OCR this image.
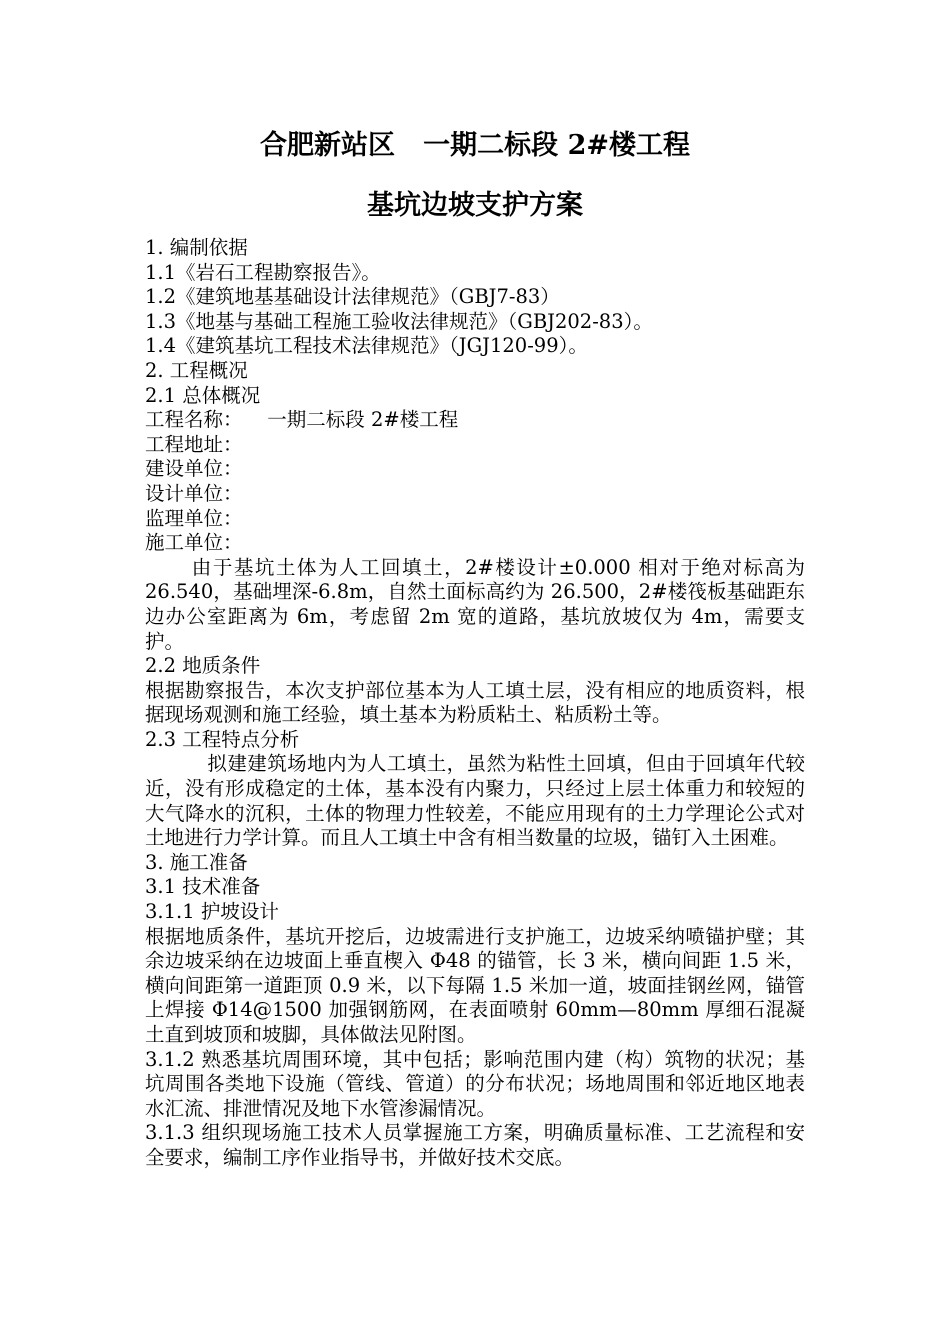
合肥新站区   一期二标段 2#楼工程
基坑边坡支护方案
1. 编制依据
1.1《岩石工程勘察报告》。
1.2《建筑地基基础设计法律规范》（GBJ7-83）
1.3《地基与基础工程施工验收法律规范》（GBJ202-83）。
1.4《建筑基坑工程技术法律规范》（JGJ120-99）。
2. 工程概况
2.1 总体概况
工程名称：    一期二标段 2#楼工程
工程地址：
建设单位：
设计单位：
监理单位：
施工单位：
由于基坑土体为人工回填土，2#楼设计±0.000 相对于绝对标高为 26.540，基础埋深-6.8m，自然土面标高约为 26.500，2#楼筏板基础距东边办公室距离为 6m，考虑留 2m 宽的道路，基坑放坡仅为 4m，需要支护。
2.2 地质条件
根据勘察报告，本次支护部位基本为人工填土层，没有相应的地质资料，根据现场观测和施工经验，填土基本为粉质粘土、粘质粉土等。
2.3 工程特点分析
拟建建筑场地内为人工填土，虽然为粘性土回填，但由于回填年代较近，没有形成稳定的土体，基本没有内聚力，只经过上层土体重力和较短的大气降水的沉积，土体的物理力性较差，不能应用现有的土力学理论公式对土地进行力学计算。而且人工填土中含有相当数量的垃圾，锚钉入土困难。
3. 施工准备
3.1 技术准备
3.1.1 护坡设计
根据地质条件，基坑开挖后，边坡需进行支护施工，边坡采纳喷锚护壁；其余边坡采纳在边坡面上垂直楔入 Φ48 的锚管，长 3 米，横向间距 1.5 米，横向间距第一道距顶 0.9 米，以下每隔 1.5 米加一道，坡面挂钢丝网，锚管上焊接 Φ14@1500 加强钢筋网，在表面喷射 60mm—80mm 厚细石混凝土直到坡顶和坡脚，具体做法见附图。
3.1.2 熟悉基坑周围环境，其中包括；影响范围内建（构）筑物的状况；基坑周围各类地下设施（管线、管道）的分布状况；场地周围和邻近地区地表水汇流、排泄情况及地下水管渗漏情况。
3.1.3 组织现场施工技术人员掌握施工方案，明确质量标准、工艺流程和安全要求，编制工序作业指导书，并做好技术交底。
